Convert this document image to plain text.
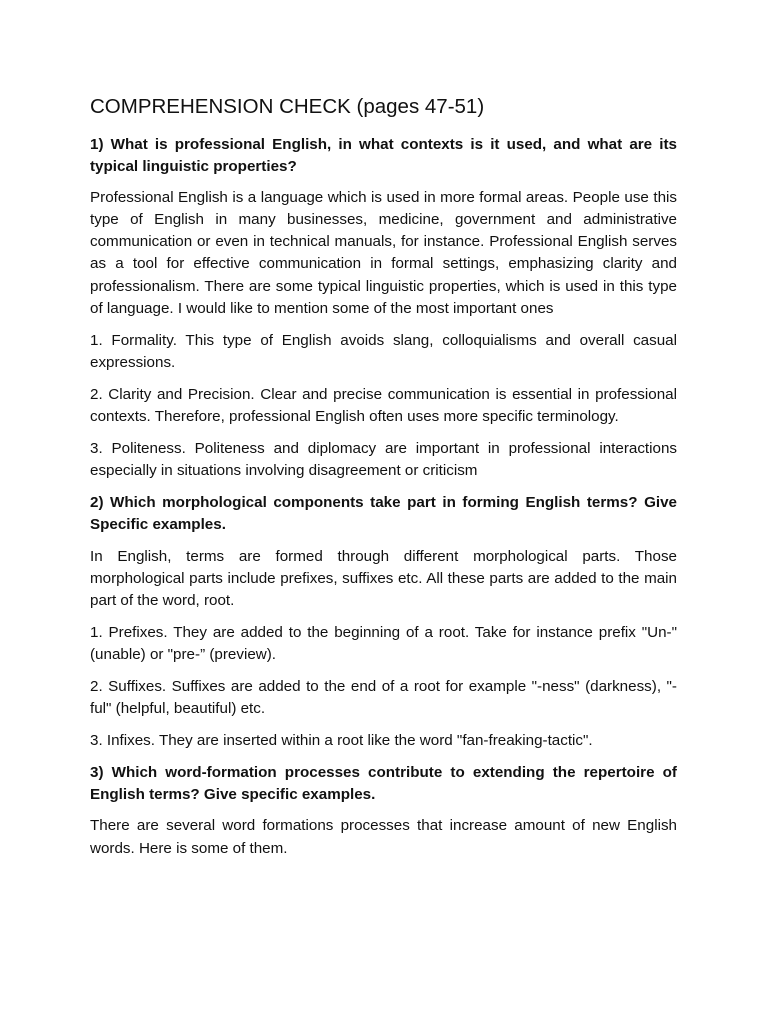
COMPREHENSION CHECK (pages 47-51)
1) What is professional English, in what contexts is it used, and what are its typical linguistic properties?
Professional English is a language which is used in more formal areas. People use this type of English in many businesses, medicine, government and administrative communication or even in technical manuals, for instance. Professional English serves as a tool for effective communication in formal settings, emphasizing clarity and professionalism. There are some typical linguistic properties, which is used in this type of language. I would like to mention some of the most important ones
1. Formality. This type of English avoids slang, colloquialisms and overall casual expressions.
2. Clarity and Precision. Clear and precise communication is essential in professional contexts. Therefore, professional English often uses more specific terminology.
3. Politeness. Politeness and diplomacy are important in professional interactions especially in situations involving disagreement or criticism
2) Which morphological components take part in forming English terms? Give Specific examples.
In English, terms are formed through different morphological parts. Those morphological parts include prefixes, suffixes etc. All these parts are added to the main part of the word, root.
1. Prefixes. They are added to the beginning of a root. Take for instance prefix "Un-" (unable) or "pre-” (preview).
2. Suffixes. Suffixes are added to the end of a root for example "-ness" (darkness), "-ful" (helpful, beautiful) etc.
3. Infixes. They are inserted within a root like the word "fan-freaking-tactic".
3) Which word-formation processes contribute to extending the repertoire of English terms? Give specific examples.
There are several word formations processes that increase amount of new English words. Here is some of them.
